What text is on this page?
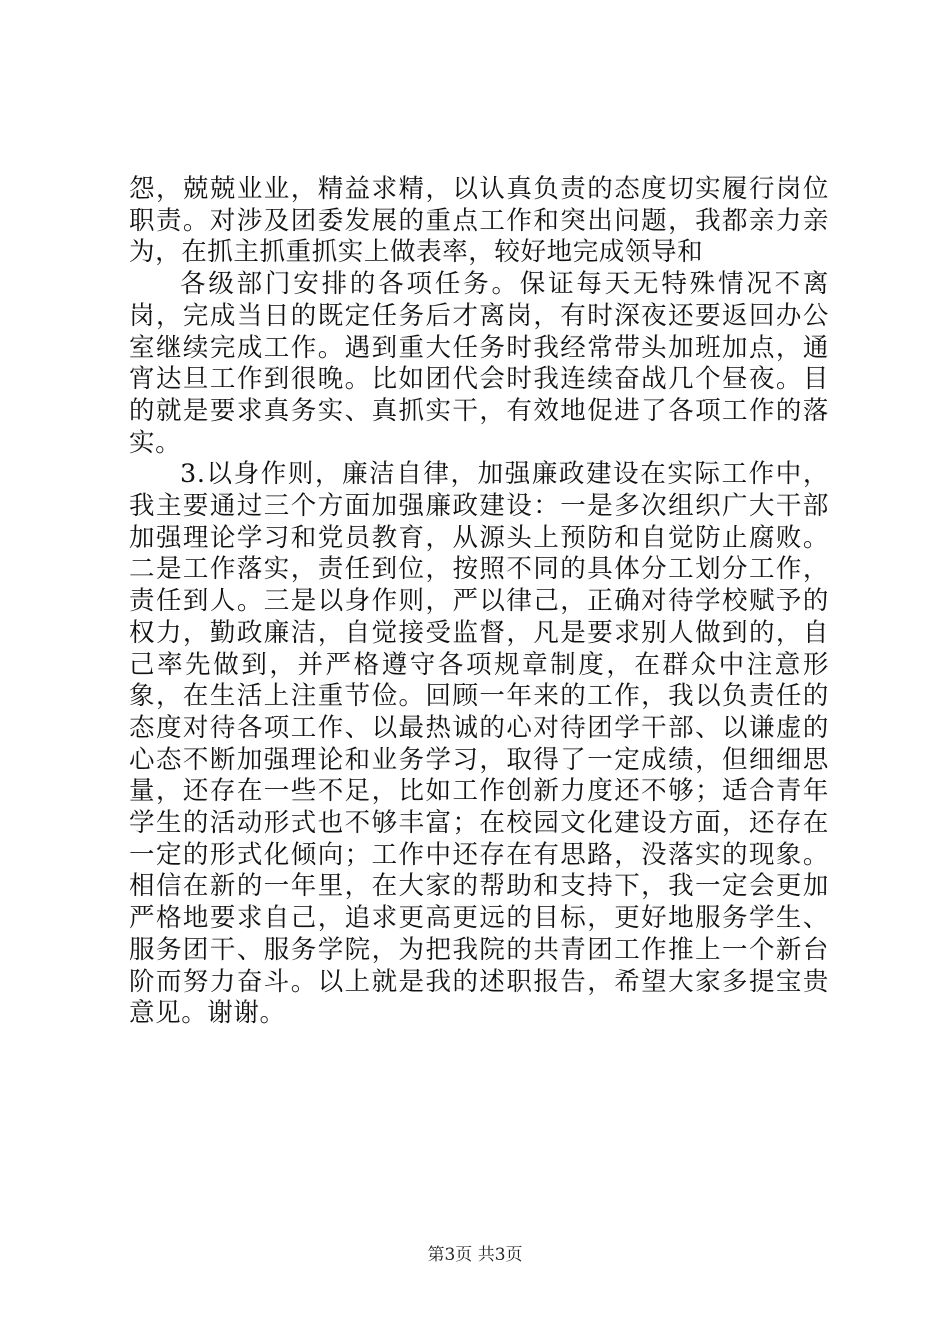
怨，兢兢业业，精益求精，以认真负责的态度切实履行岗位职责。对涉及团委发展的重点工作和突出问题，我都亲力亲为，在抓主抓重抓实上做表率，较好地完成领导和

各级部门安排的各项任务。保证每天无特殊情况不离岗，完成当日的既定任务后才离岗，有时深夜还要返回办公室继续完成工作。遇到重大任务时我经常带头加班加点，通宵达旦工作到很晚。比如团代会时我连续奋战几个昼夜。目的就是要求真务实、真抓实干，有效地促进了各项工作的落实。

3.以身作则，廉洁自律，加强廉政建设在实际工作中，我主要通过三个方面加强廉政建设：一是多次组织广大干部加强理论学习和党员教育，从源头上预防和自觉防止腐败。二是工作落实，责任到位，按照不同的具体分工划分工作，责任到人。三是以身作则，严以律己，正确对待学校赋予的权力，勤政廉洁，自觉接受监督，凡是要求别人做到的，自己率先做到，并严格遵守各项规章制度，在群众中注意形象，在生活上注重节俭。回顾一年来的工作，我以负责任的态度对待各项工作、以最热诚的心对待团学干部、以谦虚的心态不断加强理论和业务学习，取得了一定成绩，但细细思量，还存在一些不足，比如工作创新力度还不够；适合青年学生的活动形式也不够丰富；在校园文化建设方面，还存在一定的形式化倾向；工作中还存在有思路，没落实的现象。相信在新的一年里，在大家的帮助和支持下，我一定会更加严格地要求自己，追求更高更远的目标，更好地服务学生、服务团干、服务学院，为把我院的共青团工作推上一个新台阶而努力奋斗。以上就是我的述职报告，希望大家多提宝贵意见。谢谢。

第3页 共3页
